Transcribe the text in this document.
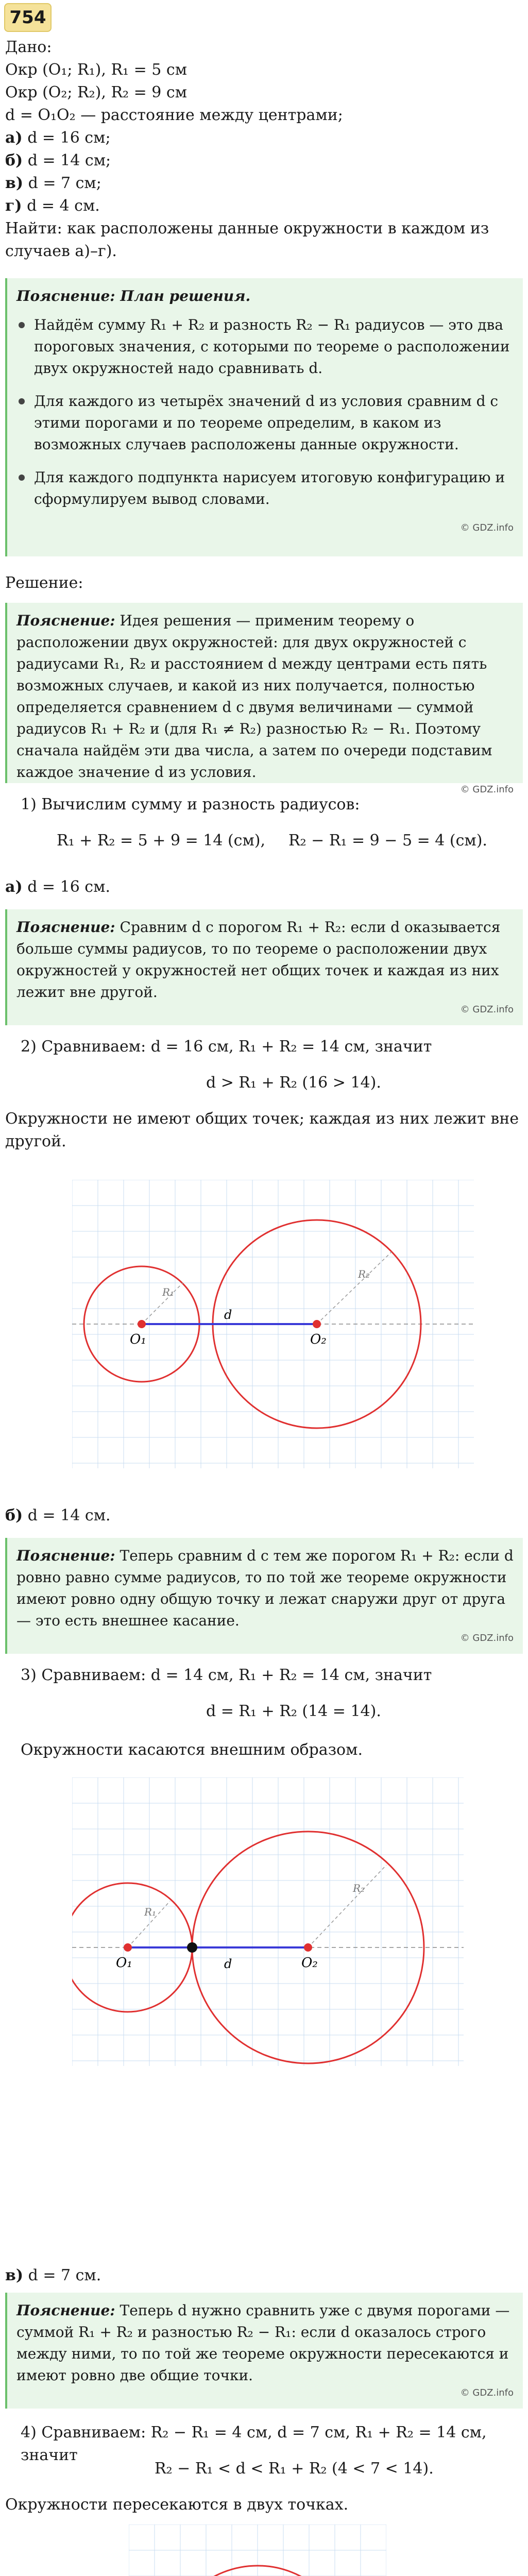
754
Дано:
Окр (O₁; R₁), R₁ = 5 см
Окр (O₂; R₂), R₂ = 9 см
d = O₁O₂ — расстояние между центрами;
а) d = 16 см;
б) d = 14 см;
в) d = 7 см;
г) d = 4 см.
Найти: как расположены данные окружности в каждом из случаев а)–г).
Пояснение: План решения.
Найдём сумму R₁ + R₂ и разность R₂ − R₁ радиусов — это два пороговых значения, с которыми по теореме о расположении двух окружностей надо сравнивать d.
Для каждого из четырёх значений d из условия сравним d с этими порогами и по теореме определим, в каком из возможных случаев расположены данные окружности.
Для каждого подпункта нарисуем итоговую конфигурацию и сформулируем вывод словами.
© GDZ.info
Решение:
Пояснение: Идея решения — применим теорему о расположении двух окружностей: для двух окружностей с радиусами R₁, R₂ и расстоянием d между центрами есть пять возможных случаев, и какой из них получается, полностью определяется сравнением d с двумя величинами — суммой радиусов R₁ + R₂ и (для R₁ ≠ R₂) разностью R₂ − R₁. Поэтому сначала найдём эти два числа, а затем по очереди подставим каждое значение d из условия.
© GDZ.info
1) Вычислим сумму и разность радиусов:
R₁ + R₂ = 5 + 9 = 14 (см), R₂ − R₁ = 9 − 5 = 4 (см).
а) d = 16 см.
Пояснение: Сравним d с порогом R₁ + R₂: если d оказывается больше суммы радиусов, то по теореме о расположении двух окружностей у окружностей нет общих точек и каждая из них лежит вне другой.
© GDZ.info
2) Сравниваем: d = 16 см, R₁ + R₂ = 14 см, значит
d > R₁ + R₂ (16 > 14).
Окружности не имеют общих точек; каждая из них лежит вне другой.
O₁	O₂
d
R₁
R₂
б) d = 14 см.
Пояснение: Теперь сравним d с тем же порогом R₁ + R₂: если d ровно равно сумме радиусов, то по той же теореме окружности имеют ровно одну общую точку и лежат снаружи друг от друга — это есть внешнее касание.
© GDZ.info
3) Сравниваем: d = 14 см, R₁ + R₂ = 14 см, значит
d = R₁ + R₂ (14 = 14).
Окружности касаются внешним образом.
O₁	O₂
d
R₁
R₂
в) d = 7 см.
Пояснение: Теперь d нужно сравнить уже с двумя порогами — суммой R₁ + R₂ и разностью R₂ − R₁: если d оказалось строго между ними, то по той же теореме окружности пересекаются и имеют ровно две общие точки.
© GDZ.info
4) Сравниваем: R₂ − R₁ = 4 см, d = 7 см, R₁ + R₂ = 14 см, значит
R₂ − R₁ < d < R₁ + R₂ (4 < 7 < 14).
Окружности пересекаются в двух точках.
